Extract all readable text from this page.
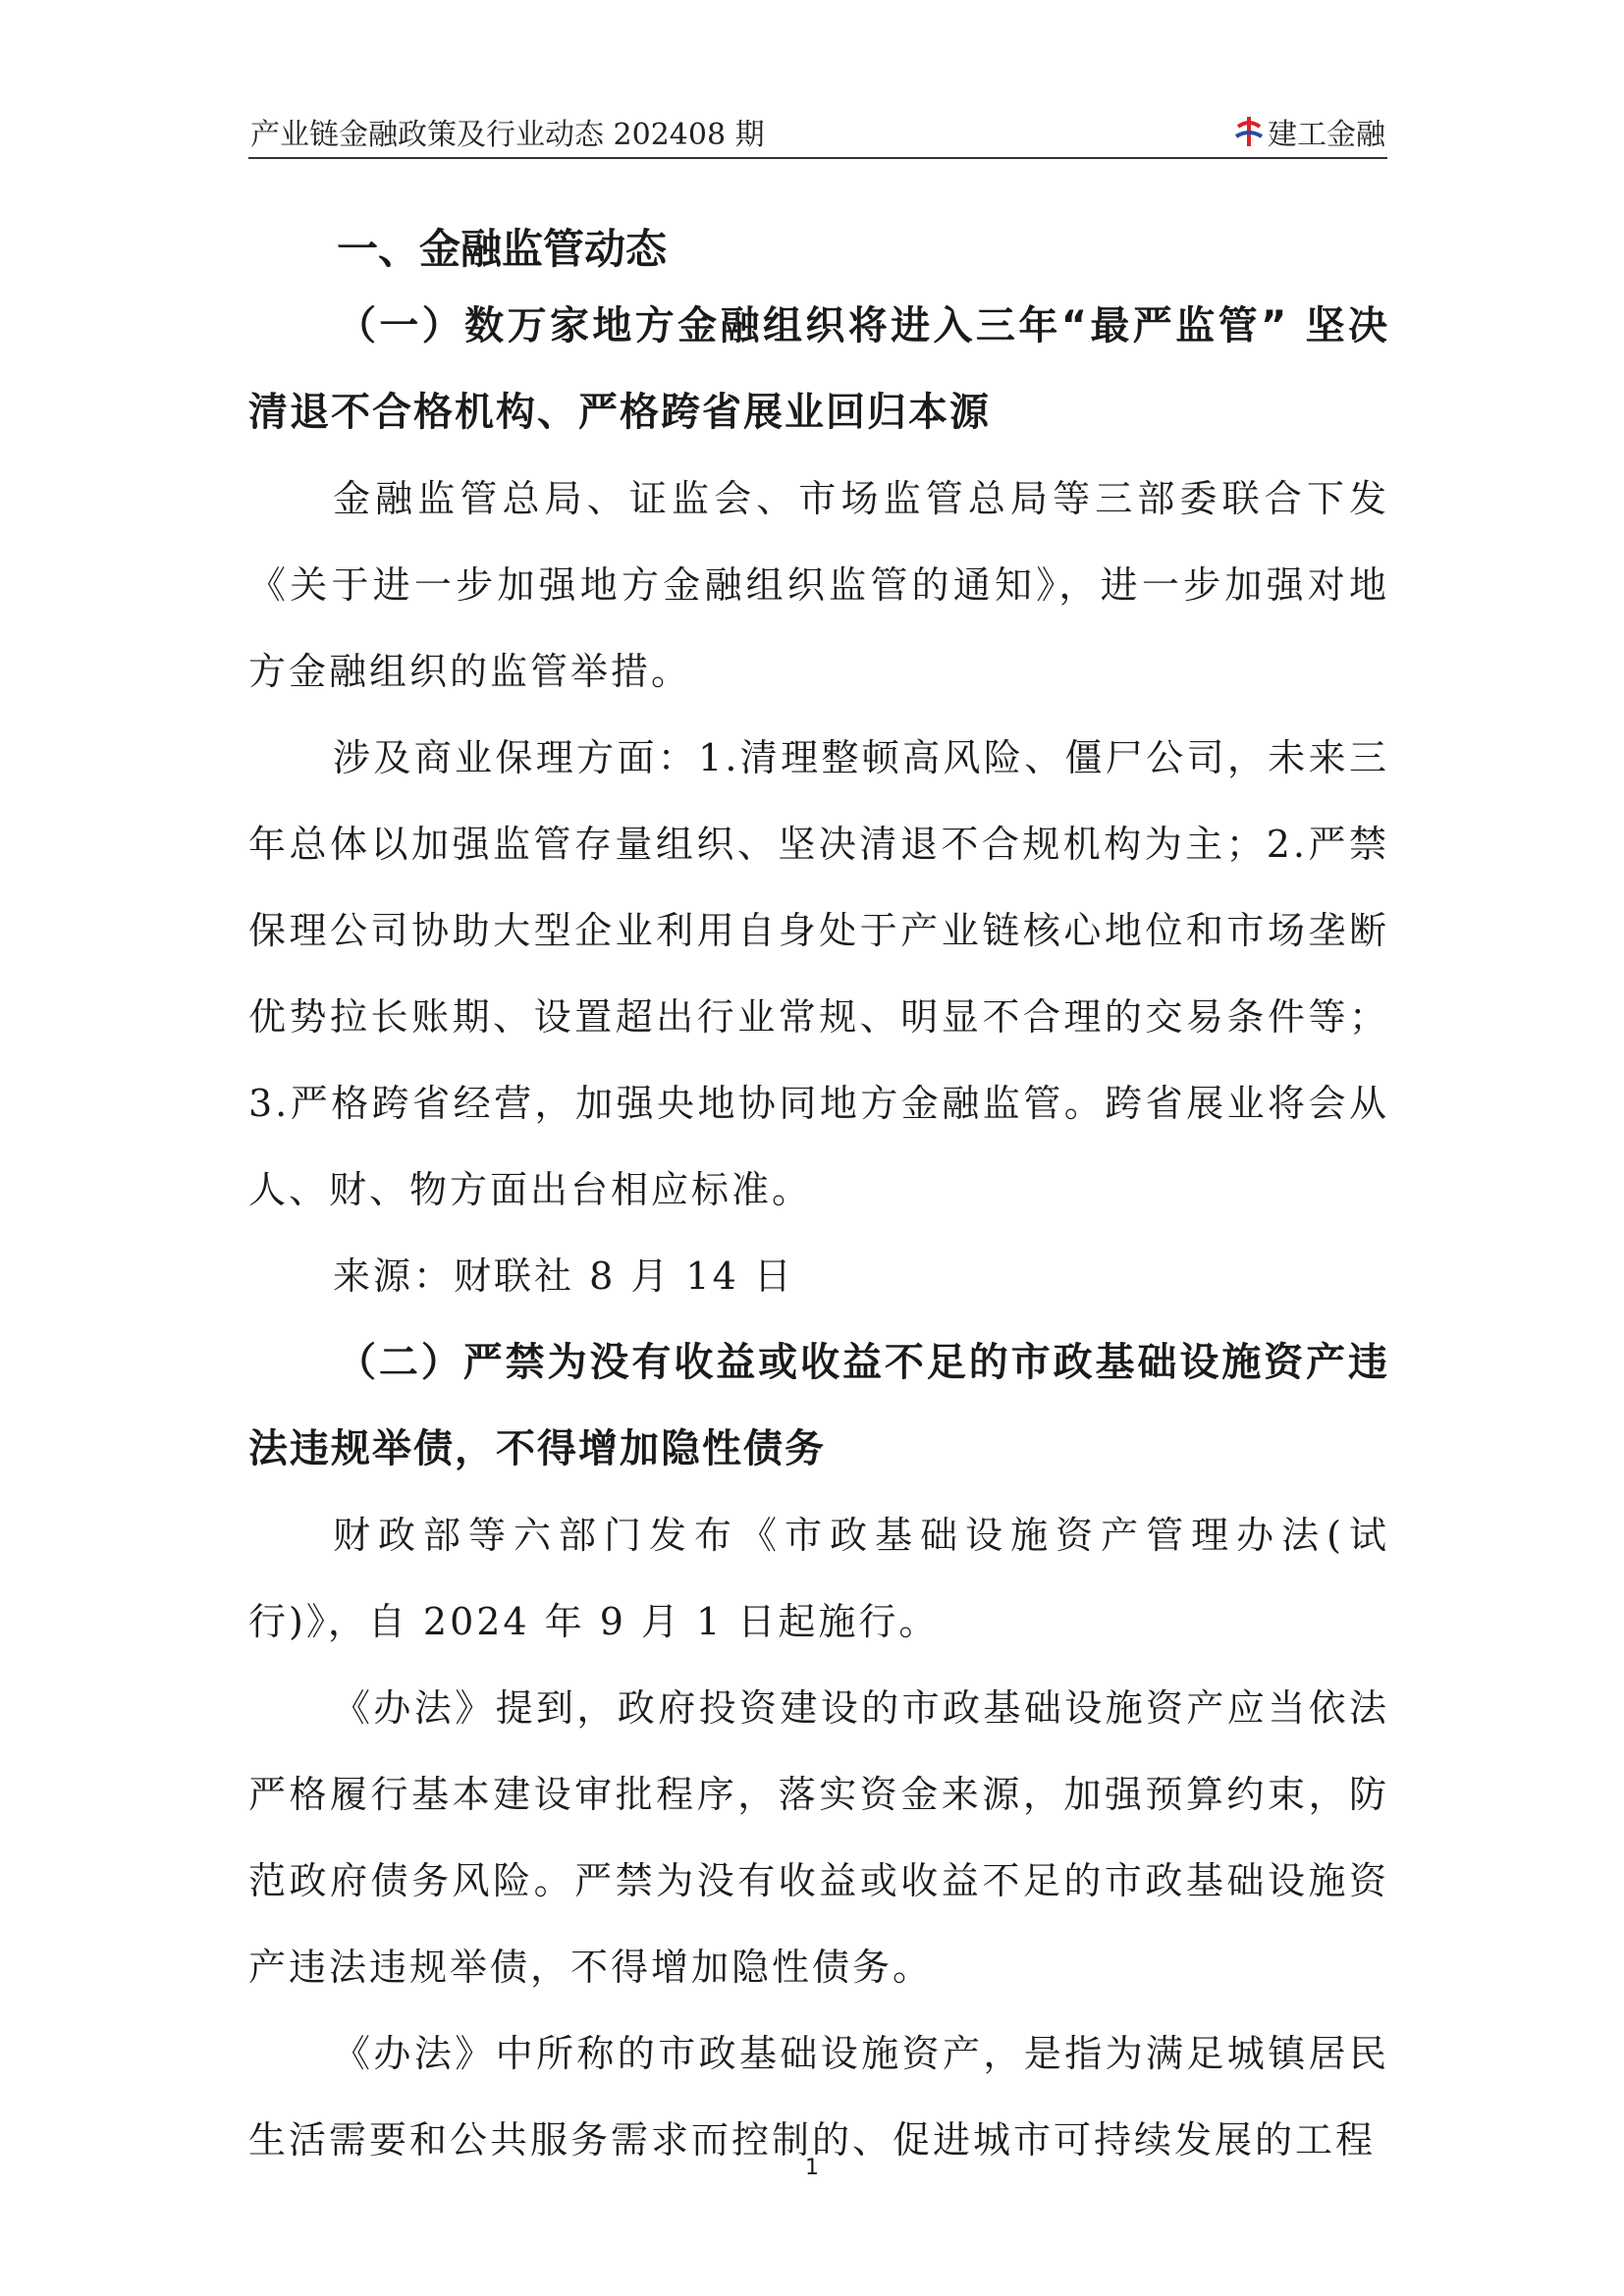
产业链金融政策及行业动态 202408 期	建工金融
一、金融监管动态

（一）数万家地方金融组织将进入三年“最严监管” 坚决清退不合格机构、严格跨省展业回归本源

金融监管总局、证监会、市场监管总局等三部委联合下发《关于进一步加强地方金融组织监管的通知》，进一步加强对地方金融组织的监管举措。

涉及商业保理方面：1.清理整顿高风险、僵尸公司，未来三年总体以加强监管存量组织、坚决清退不合规机构为主；2.严禁保理公司协助大型企业利用自身处于产业链核心地位和市场垄断优势拉长账期、设置超出行业常规、明显不合理的交易条件等；3.严格跨省经营，加强央地协同地方金融监管。跨省展业将会从人、财、物方面出台相应标准。

来源：财联社 8 月 14 日

（二）严禁为没有收益或收益不足的市政基础设施资产违法违规举债，不得增加隐性债务

财政部等六部门发布《市政基础设施资产管理办法(试行)》，自 2024 年 9 月 1 日起施行。

《办法》提到，政府投资建设的市政基础设施资产应当依法严格履行基本建设审批程序，落实资金来源，加强预算约束，防范政府债务风险。严禁为没有收益或收益不足的市政基础设施资产违法违规举债，不得增加隐性债务。

《办法》中所称的市政基础设施资产，是指为满足城镇居民生活需要和公共服务需求而控制的、促进城市可持续发展的工程

1
